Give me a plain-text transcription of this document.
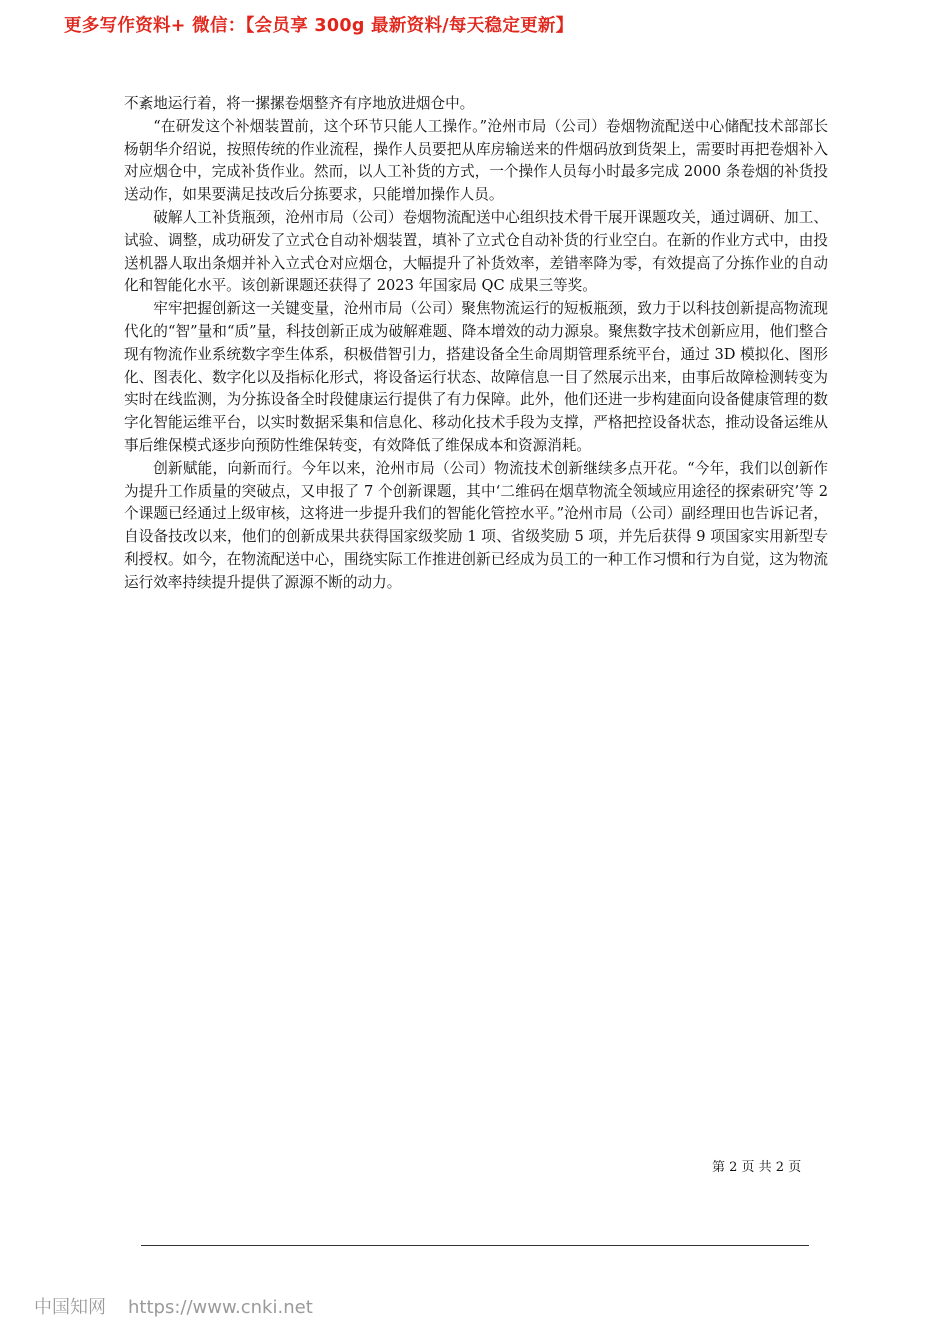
更多写作资料+ 微信：【会员享 300g 最新资料/每天稳定更新】

不紊地运行着，将一摞摞卷烟整齐有序地放进烟仓中。

“在研发这个补烟装置前，这个环节只能人工操作。”沧州市局（公司）卷烟物流配送中心储配技术部部长杨朝华介绍说，按照传统的作业流程，操作人员要把从库房输送来的件烟码放到货架上，需要时再把卷烟补入对应烟仓中，完成补货作业。然而，以人工补货的方式，一个操作人员每小时最多完成 2000 条卷烟的补货投送动作，如果要满足技改后分拣要求，只能增加操作人员。

破解人工补货瓶颈，沧州市局（公司）卷烟物流配送中心组织技术骨干展开课题攻关，通过调研、加工、试验、调整，成功研发了立式仓自动补烟装置，填补了立式仓自动补货的行业空白。在新的作业方式中，由投送机器人取出条烟并补入立式仓对应烟仓，大幅提升了补货效率，差错率降为零，有效提高了分拣作业的自动化和智能化水平。该创新课题还获得了 2023 年国家局 QC 成果三等奖。

牢牢把握创新这一关键变量，沧州市局（公司）聚焦物流运行的短板瓶颈，致力于以科技创新提高物流现代化的“智”量和“质”量，科技创新正成为破解难题、降本增效的动力源泉。聚焦数字技术创新应用，他们整合现有物流作业系统数字孪生体系，积极借智引力，搭建设备全生命周期管理系统平台，通过 3D 模拟化、图形化、图表化、数字化以及指标化形式，将设备运行状态、故障信息一目了然展示出来，由事后故障检测转变为实时在线监测，为分拣设备全时段健康运行提供了有力保障。此外，他们还进一步构建面向设备健康管理的数字化智能运维平台，以实时数据采集和信息化、移动化技术手段为支撑，严格把控设备状态，推动设备运维从事后维保模式逐步向预防性维保转变，有效降低了维保成本和资源消耗。

创新赋能，向新而行。今年以来，沧州市局（公司）物流技术创新继续多点开花。“今年，我们以创新作为提升工作质量的突破点，又申报了 7 个创新课题，其中‘二维码在烟草物流全领域应用途径的探索研究’等 2 个课题已经通过上级审核，这将进一步提升我们的智能化管控水平。”沧州市局（公司）副经理田也告诉记者，自设备技改以来，他们的创新成果共获得国家级奖励 1 项、省级奖励 5 项，并先后获得 9 项国家实用新型专利授权。如今，在物流配送中心，围绕实际工作推进创新已经成为员工的一种工作习惯和行为自觉，这为物流运行效率持续提升提供了源源不断的动力。

第 2 页 共 2 页
中国知网 https://www.cnki.net
